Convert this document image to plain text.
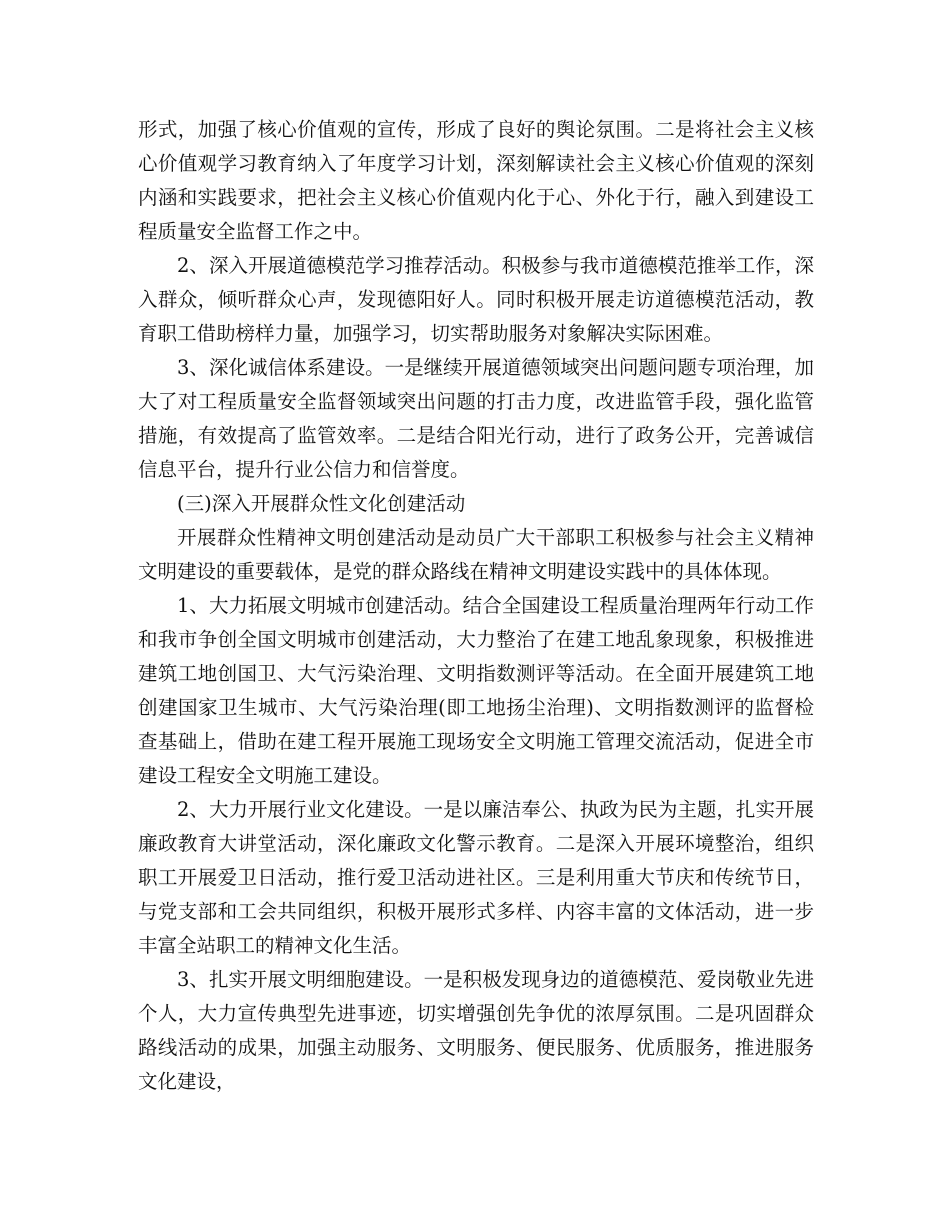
形式，加强了核心价值观的宣传，形成了良好的舆论氛围。二是将社会主义核心价值观学习教育纳入了年度学习计划，深刻解读社会主义核心价值观的深刻内涵和实践要求，把社会主义核心价值观内化于心、外化于行，融入到建设工程质量安全监督工作之中。

2、深入开展道德模范学习推荐活动。积极参与我市道德模范推举工作，深入群众，倾听群众心声，发现德阳好人。同时积极开展走访道德模范活动，教育职工借助榜样力量，加强学习，切实帮助服务对象解决实际困难。

3、深化诚信体系建设。一是继续开展道德领域突出问题问题专项治理，加大了对工程质量安全监督领域突出问题的打击力度，改进监管手段，强化监管措施，有效提高了监管效率。二是结合阳光行动，进行了政务公开，完善诚信信息平台，提升行业公信力和信誉度。

(三)深入开展群众性文化创建活动

开展群众性精神文明创建活动是动员广大干部职工积极参与社会主义精神文明建设的重要载体，是党的群众路线在精神文明建设实践中的具体体现。

1、大力拓展文明城市创建活动。结合全国建设工程质量治理两年行动工作和我市争创全国文明城市创建活动，大力整治了在建工地乱象现象，积极推进建筑工地创国卫、大气污染治理、文明指数测评等活动。在全面开展建筑工地创建国家卫生城市、大气污染治理(即工地扬尘治理)、文明指数测评的监督检查基础上，借助在建工程开展施工现场安全文明施工管理交流活动，促进全市建设工程安全文明施工建设。

2、大力开展行业文化建设。一是以廉洁奉公、执政为民为主题，扎实开展廉政教育大讲堂活动，深化廉政文化警示教育。二是深入开展环境整治，组织职工开展爱卫日活动，推行爱卫活动进社区。三是利用重大节庆和传统节日，与党支部和工会共同组织，积极开展形式多样、内容丰富的文体活动，进一步丰富全站职工的精神文化生活。

3、扎实开展文明细胞建设。一是积极发现身边的道德模范、爱岗敬业先进个人，大力宣传典型先进事迹，切实增强创先争优的浓厚氛围。二是巩固群众路线活动的成果，加强主动服务、文明服务、便民服务、优质服务，推进服务文化建设，
